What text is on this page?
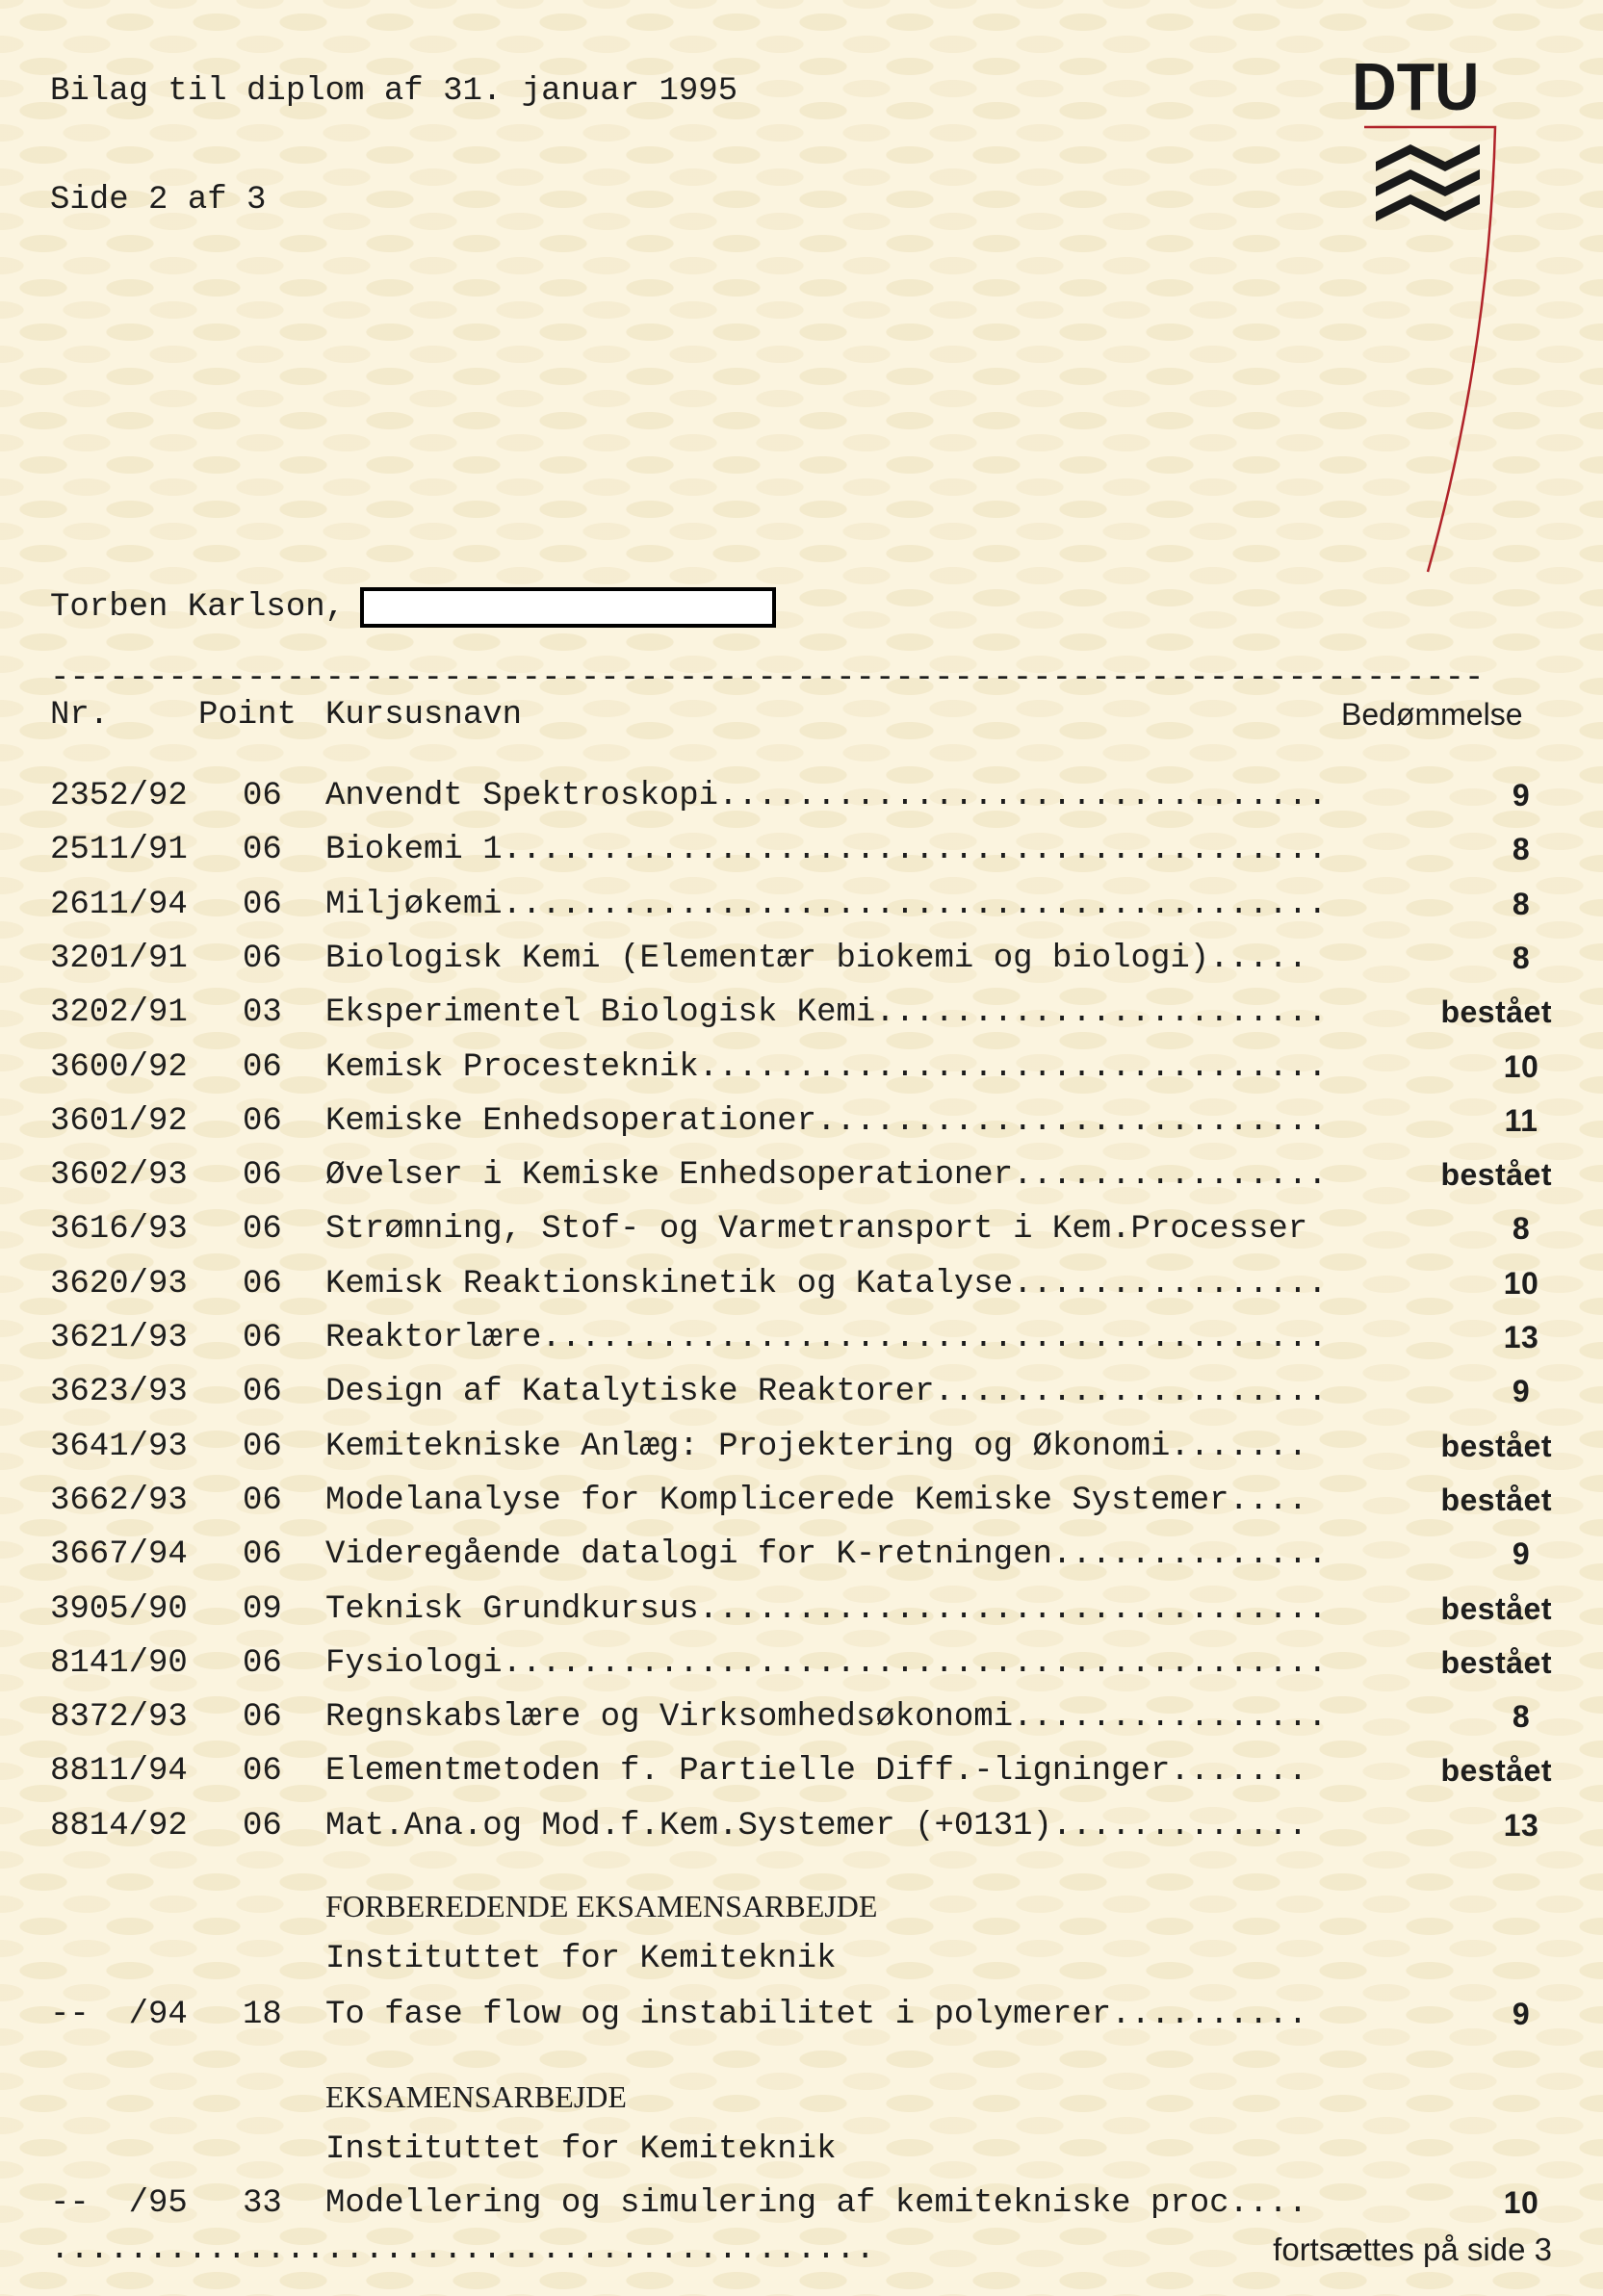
Bilag til diplom af 31. januar 1995
Side 2 af 3
DTU
Torben Karlson,
-------------------------------------------------------------------------
Nr.	Point Kursusnavn	Bedømmelse
2352/92 06 Anvendt Spektroskopi...............................	9
2511/91 06 Biokemi 1..........................................	8
2611/94 06 Miljøkemi..........................................	8
3201/91 06 Biologisk Kemi (Elementær biokemi og biologi).....	8
3202/91 03 Eksperimentel Biologisk Kemi.......................	bestået
3600/92 06 Kemisk Procesteknik................................	10
3601/92 06 Kemiske Enhedsoperationer..........................	11
3602/93 06 Øvelser i Kemiske Enhedsoperationer................	bestået
3616/93 06 Strømning, Stof- og Varmetransport i Kem.Processer	8
3620/93 06 Kemisk Reaktionskinetik og Katalyse................	10
3621/93 06 Reaktorlære........................................	13
3623/93 06 Design af Katalytiske Reaktorer....................	9
3641/93 06 Kemitekniske Anlæg: Projektering og Økonomi.......	bestået
3662/93 06 Modelanalyse for Komplicerede Kemiske Systemer....	bestået
3667/94 06 Videregående datalogi for K-retningen..............	9
3905/90 09 Teknisk Grundkursus................................	bestået
8141/90 06 Fysiologi..........................................	bestået
8372/93 06 Regnskabslære og Virksomhedsøkonomi................	8
8811/94 06 Elementmetoden f. Partielle Diff.-ligninger.......	bestået
8814/92 06 Mat.Ana.og Mod.f.Kem.Systemer (+0131).............	13
FORBEREDENDE EKSAMENSARBEJDE
Instituttet for Kemiteknik
--  /94 18 To fase flow og instabilitet i polymerer..........	9
EKSAMENSARBEJDE
Instituttet for Kemiteknik
--  /95 33 Modellering og simulering af kemitekniske proc....	10
..........................................	fortsættes på side 3
